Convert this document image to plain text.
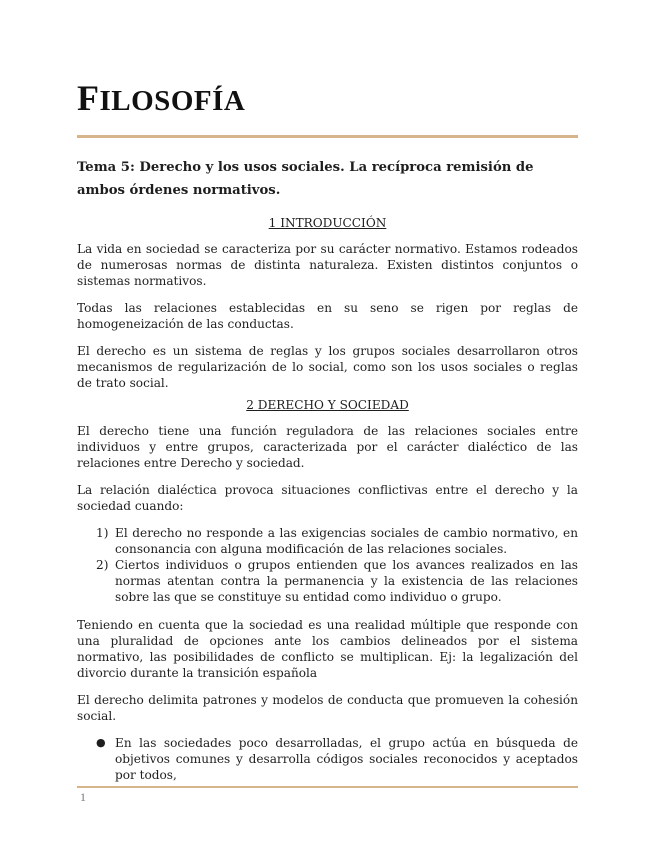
FILOSOFÍA

Tema 5: Derecho y los usos sociales. La recíproca remisión de ambos órdenes normativos.

1 INTRODUCCIÓN

La vida en sociedad se caracteriza por su carácter normativo. Estamos rodeados de numerosas normas de distinta naturaleza. Existen distintos conjuntos o sistemas normativos.

Todas las relaciones establecidas en su seno se rigen por reglas de homogeneización de las conductas.

El derecho es un sistema de reglas y los grupos sociales desarrollaron otros mecanismos de regularización de lo social, como son los usos sociales o reglas de trato social.

2 DERECHO Y SOCIEDAD

El derecho tiene una función reguladora de las relaciones sociales entre individuos y entre grupos, caracterizada por el carácter dialéctico de las relaciones entre Derecho y sociedad.

La relación dialéctica provoca situaciones conflictivas entre el derecho y la sociedad cuando:

1) El derecho no responde a las exigencias sociales de cambio normativo, en consonancia con alguna modificación de las relaciones sociales.
2) Ciertos individuos o grupos entienden que los avances realizados en las normas atentan contra la permanencia y la existencia de las relaciones sobre las que se constituye su entidad como individuo o grupo.

Teniendo en cuenta que la sociedad es una realidad múltiple que responde con una pluralidad de opciones ante los cambios delineados por el sistema normativo, las posibilidades de conflicto se multiplican. Ej: la legalización del divorcio durante la transición española

El derecho delimita patrones y modelos de conducta que promueven la cohesión social.

● En las sociedades poco desarrolladas, el grupo actúa en búsqueda de objetivos comunes y desarrolla códigos sociales reconocidos y aceptados por todos,
1
